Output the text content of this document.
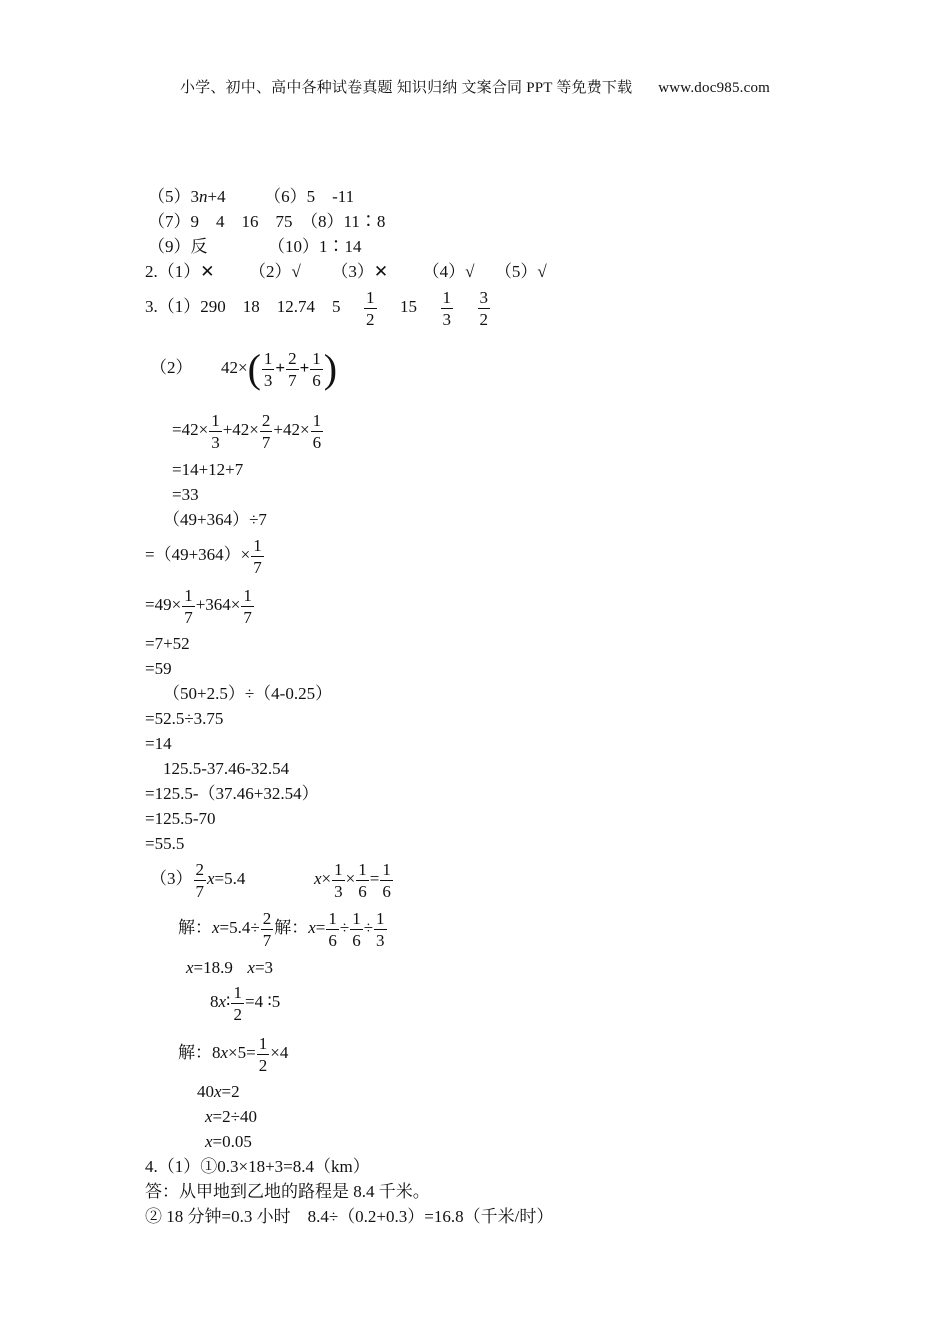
小学、初中、高中各种试卷真题 知识归纳 文案合同 PPT 等免费下载 www.doc985.com
（5）3n+4 （6）5　-11
（7）9　4　16　75　（8）11∶8
（9）反	（10）1∶14
2.（1）✕ （2）√ （3）✕ （4）√ （5）√
3.（1）290　18　12.74　$5 \frac{1}{2} 15 \frac{1}{3}$
$\frac{3}{2}$
（2） $42\times( \frac{1}{3} + \frac{2}{7} + \frac{1}{6}$ )
$=42\times \frac{1}{3} +42\times \frac{2}{7} +42\times \frac{1}{6}$
=14+12+7
=33
（49+364）÷7
$=(49+364)\times \frac{1}{7}$
$=49\times \frac{1}{7} +364\times \frac{1}{7}$
=7+52
=59
（50+2.5）÷（4-0.25）
=52.5÷3.75
=14
125.5-37.46-32.54
=125.5-（37.46+32.54）
=125.5-70
=55.5
$(3) \frac{2}{7} x=5.4$	$x\times \frac{1}{3} \times \frac{1}{6} = \frac{1}{6}$
解：$x=5.4\div \frac{2}{7}$ 解：$x= \frac{1}{6} \div \frac{1}{6} \div \frac{1}{3}$
x=18.9 x=3
8x∶ $\frac{1}{2} =4$ ∶5
解：$8x\times 5= \frac{1}{2} \times 4$
40x=2
x=2÷40
x=0.05
4.（1）①0.3×18+3=8.4（km）
答：从甲地到乙地的路程是 8.4 千米。
② 18 分钟=0.3 小时　8.4÷（0.2+0.3）=16.8（千米/时）
